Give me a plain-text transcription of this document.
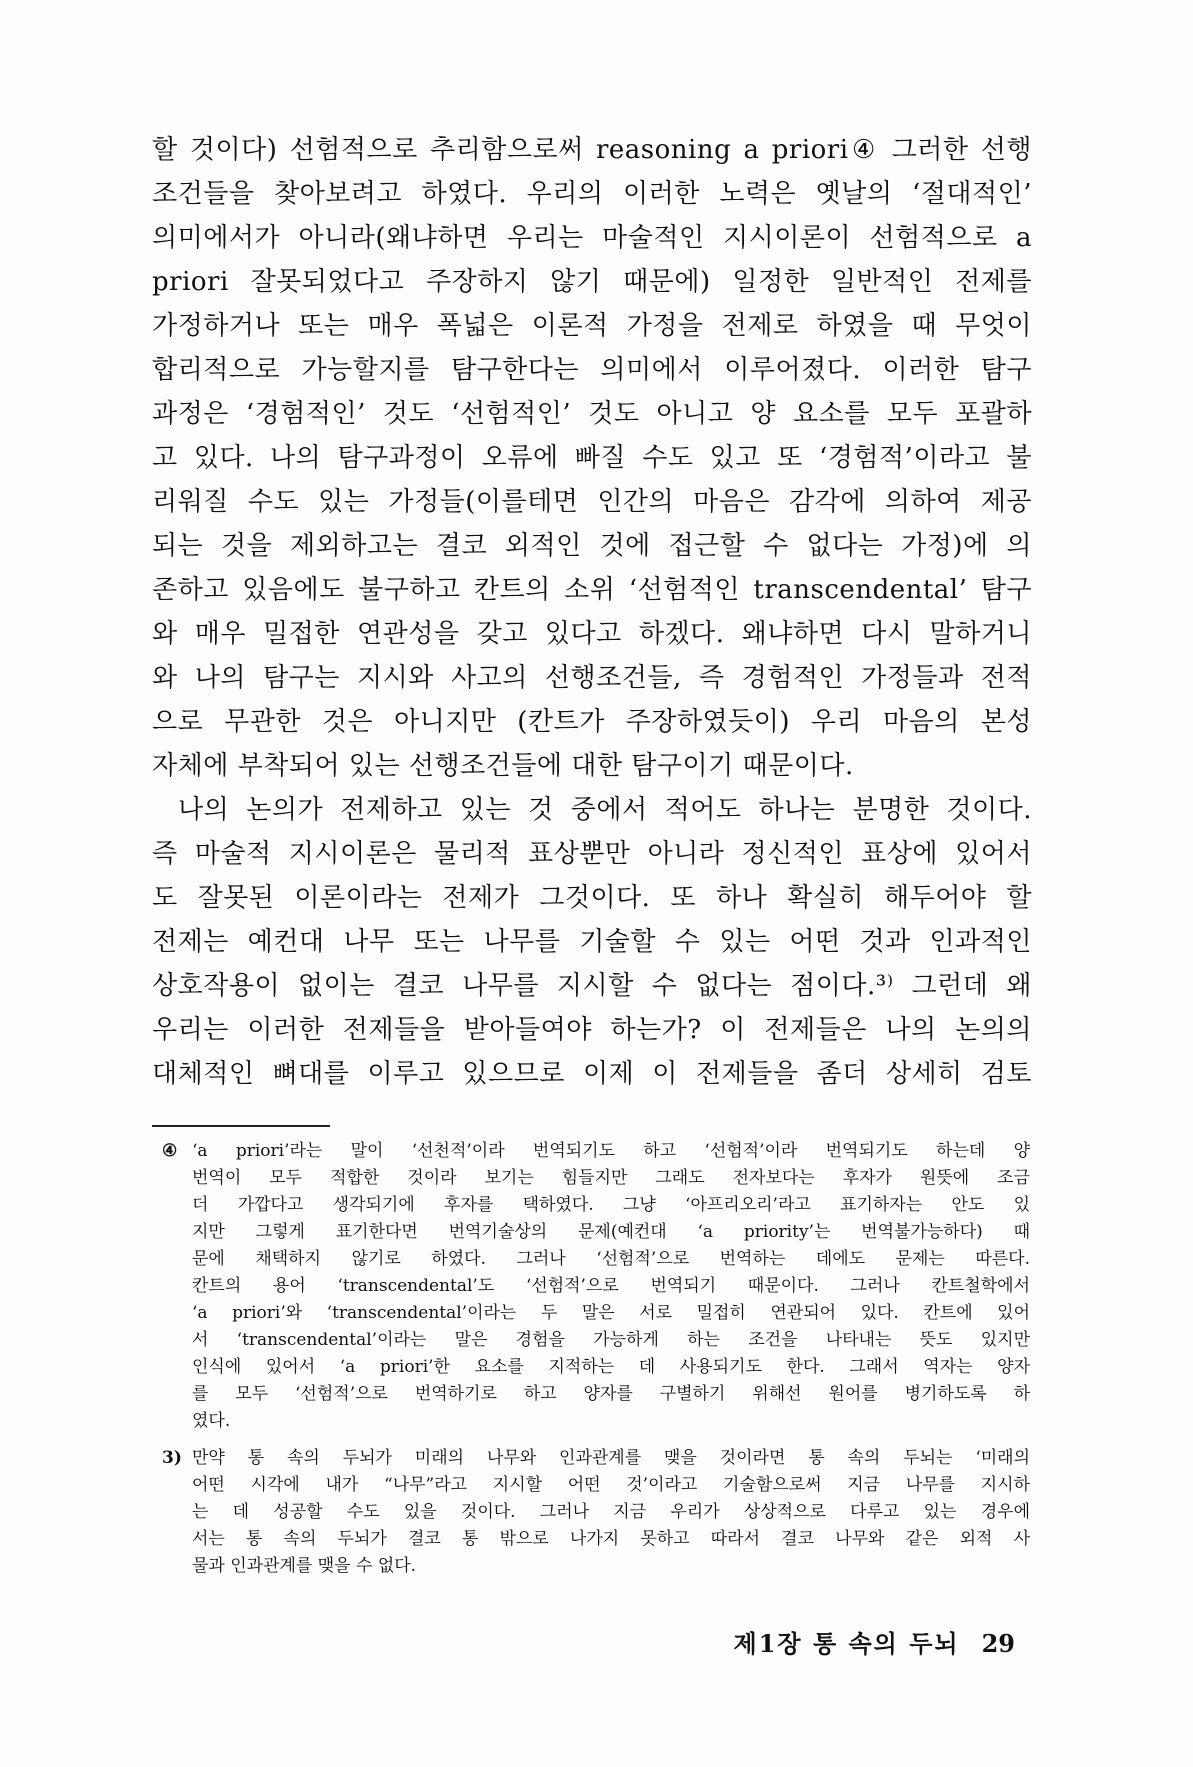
할 것이다) 선험적으로 추리함으로써 reasoning a priori④ 그러한 선행
조건들을 찾아보려고 하였다. 우리의 이러한 노력은 옛날의 ‘절대적인’
의미에서가 아니라(왜냐하면 우리는 마술적인 지시이론이 선험적으로 a
priori 잘못되었다고 주장하지 않기 때문에) 일정한 일반적인 전제를
가정하거나 또는 매우 폭넓은 이론적 가정을 전제로 하였을 때 무엇이
합리적으로 가능할지를 탐구한다는 의미에서 이루어졌다. 이러한 탐구
과정은 ‘경험적인’ 것도 ‘선험적인’ 것도 아니고 양 요소를 모두 포괄하
고 있다. 나의 탐구과정이 오류에 빠질 수도 있고 또 ‘경험적’이라고 불
리워질 수도 있는 가정들(이를테면 인간의 마음은 감각에 의하여 제공
되는 것을 제외하고는 결코 외적인 것에 접근할 수 없다는 가정)에 의
존하고 있음에도 불구하고 칸트의 소위 ‘선험적인 transcendental’ 탐구
와 매우 밀접한 연관성을 갖고 있다고 하겠다. 왜냐하면 다시 말하거니
와 나의 탐구는 지시와 사고의 선행조건들, 즉 경험적인 가정들과 전적
으로 무관한 것은 아니지만 (칸트가 주장하였듯이) 우리 마음의 본성
자체에 부착되어 있는 선행조건들에 대한 탐구이기 때문이다.
나의 논의가 전제하고 있는 것 중에서 적어도 하나는 분명한 것이다.
즉 마술적 지시이론은 물리적 표상뿐만 아니라 정신적인 표상에 있어서
도 잘못된 이론이라는 전제가 그것이다. 또 하나 확실히 해두어야 할
전제는 예컨대 나무 또는 나무를 기술할 수 있는 어떤 것과 인과적인
상호작용이 없이는 결코 나무를 지시할 수 없다는 점이다.³⁾ 그런데 왜
우리는 이러한 전제들을 받아들여야 하는가? 이 전제들은 나의 논의의
대체적인 뼈대를 이루고 있으므로 이제 이 전제들을 좀더 상세히 검토
④ ‘a priori’라는 말이 ‘선천적’이라 번역되기도 하고 ‘선험적’이라 번역되기도 하는데 양
번역이 모두 적합한 것이라 보기는 힘들지만 그래도 전자보다는 후자가 원뜻에 조금
더 가깝다고 생각되기에 후자를 택하였다. 그냥 ‘아프리오리’라고 표기하자는 안도 있
지만 그렇게 표기한다면 번역기술상의 문제(예컨대 ‘a priority’는 번역불가능하다) 때
문에 채택하지 않기로 하였다. 그러나 ‘선험적’으로 번역하는 데에도 문제는 따른다.
칸트의 용어 ‘transcendental’도 ‘선험적’으로 번역되기 때문이다. 그러나 칸트철학에서
‘a priori’와 ‘transcendental’이라는 두 말은 서로 밀접히 연관되어 있다. 칸트에 있어
서 ‘transcendental’이라는 말은 경험을 가능하게 하는 조건을 나타내는 뜻도 있지만
인식에 있어서 ‘a priori’한 요소를 지적하는 데 사용되기도 한다. 그래서 역자는 양자
를 모두 ‘선험적’으로 번역하기로 하고 양자를 구별하기 위해선 원어를 병기하도록 하
였다.
3) 만약 통 속의 두뇌가 미래의 나무와 인과관계를 맺을 것이라면 통 속의 두뇌는 ‘미래의
어떤 시각에 내가 “나무”라고 지시할 어떤 것’이라고 기술함으로써 지금 나무를 지시하
는 데 성공할 수도 있을 것이다. 그러나 지금 우리가 상상적으로 다루고 있는 경우에
서는 통 속의 두뇌가 결코 통 밖으로 나가지 못하고 따라서 결코 나무와 같은 외적 사
물과 인과관계를 맺을 수 없다.
제1장 통 속의 두뇌 29
